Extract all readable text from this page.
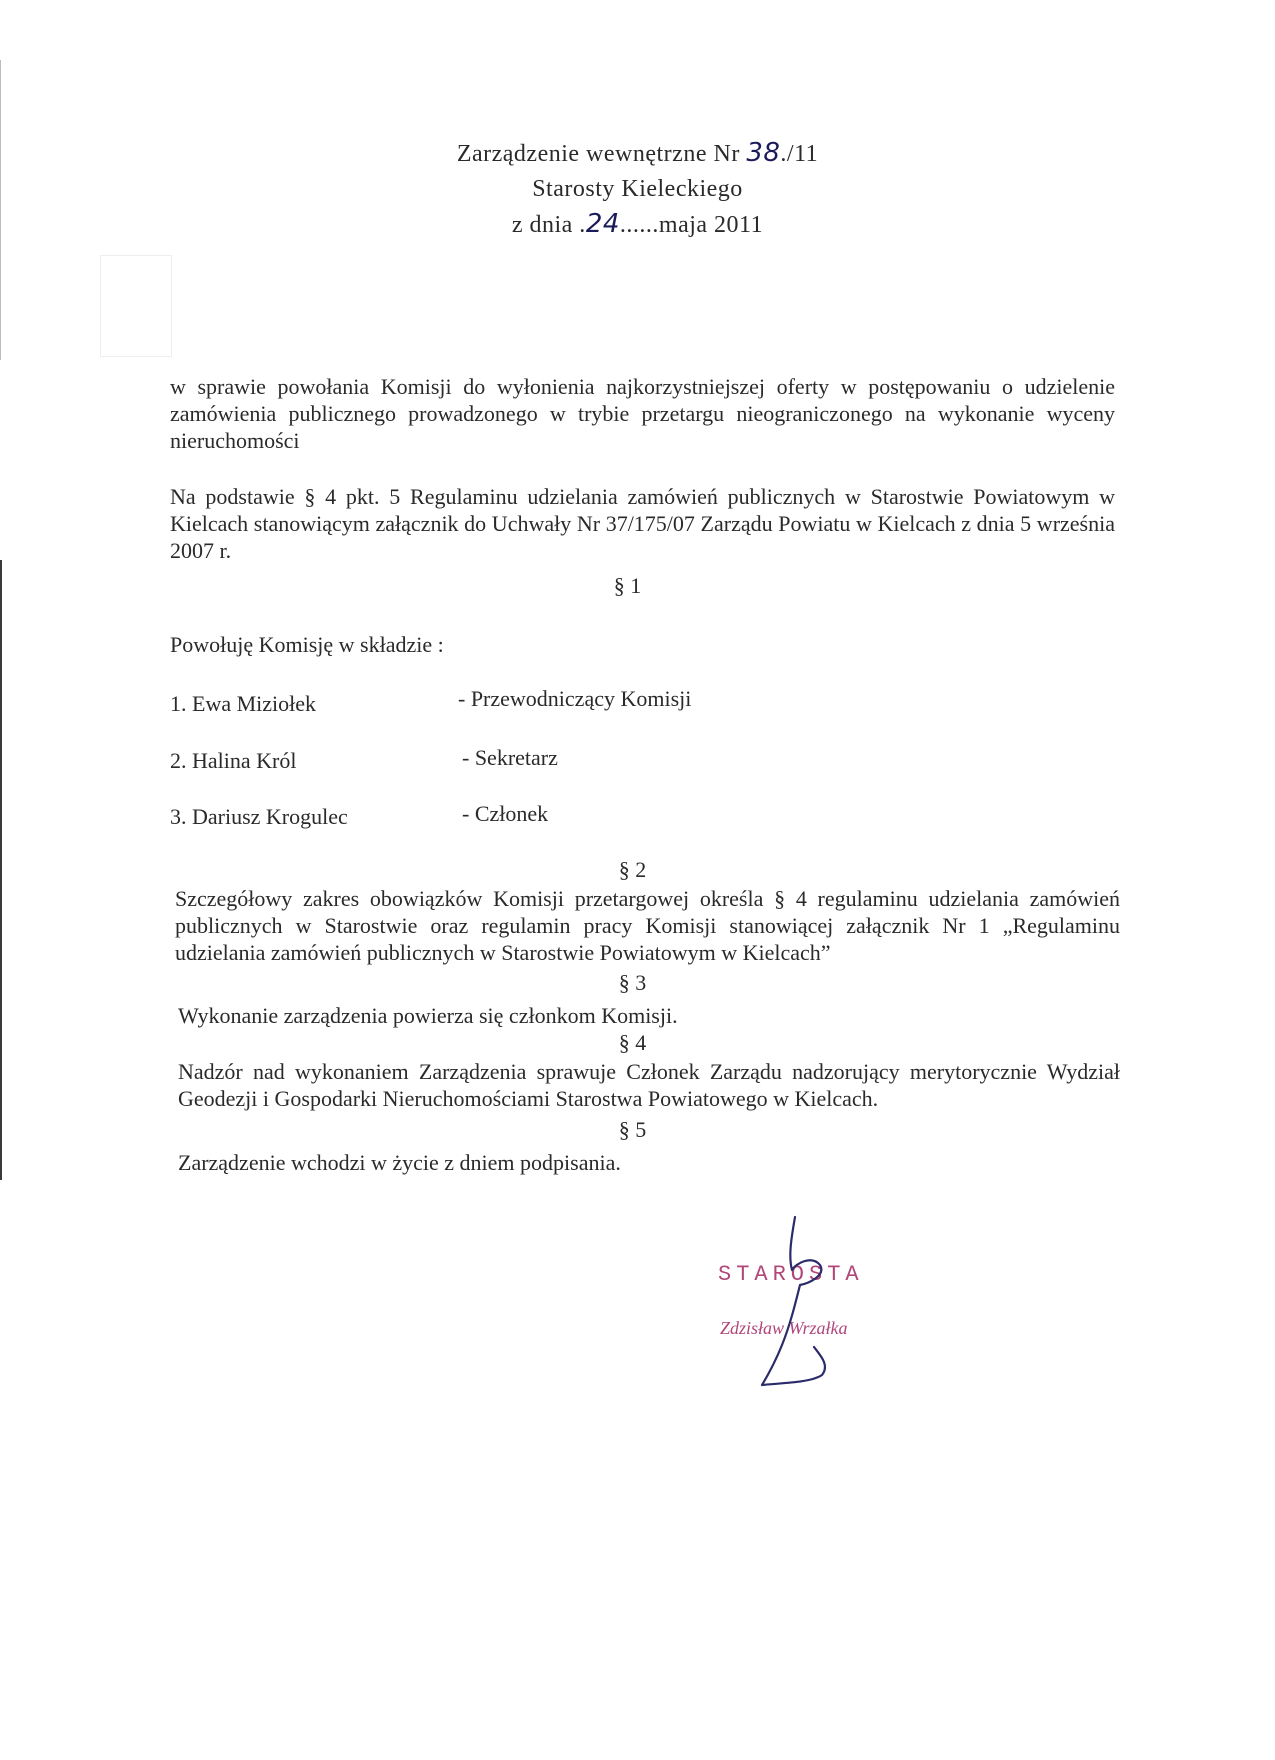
Zarządzenie wewnętrzne Nr 38./11
Starosty Kieleckiego
z dnia .24......maja 2011
w sprawie powołania Komisji do wyłonienia najkorzystniejszej oferty w postępowaniu o udzielenie zamówienia publicznego prowadzonego w trybie przetargu nieograniczonego na wykonanie wyceny nieruchomości
Na podstawie § 4 pkt. 5 Regulaminu udzielania zamówień publicznych w Starostwie Powiatowym w Kielcach stanowiącym załącznik do Uchwały Nr 37/175/07 Zarządu Powiatu w Kielcach z dnia 5 września 2007 r.
§ 1
Powołuję Komisję w składzie :
1. Ewa Miziołek	- Przewodniczący Komisji
2. Halina Król	- Sekretarz
3. Dariusz Krogulec	- Członek
§ 2
Szczegółowy zakres obowiązków Komisji przetargowej określa § 4 regulaminu udzielania zamówień publicznych w Starostwie oraz regulamin pracy Komisji stanowiącej załącznik Nr 1 „Regulaminu udzielania zamówień publicznych w Starostwie Powiatowym w Kielcach”
§ 3
Wykonanie zarządzenia powierza się członkom Komisji.
§ 4
Nadzór nad wykonaniem Zarządzenia sprawuje Członek Zarządu nadzorujący merytorycznie Wydział Geodezji i Gospodarki Nieruchomościami Starostwa Powiatowego w Kielcach.
§ 5
Zarządzenie wchodzi w życie z dniem podpisania.
STAROSTA
Zdzisław Wrzałka
